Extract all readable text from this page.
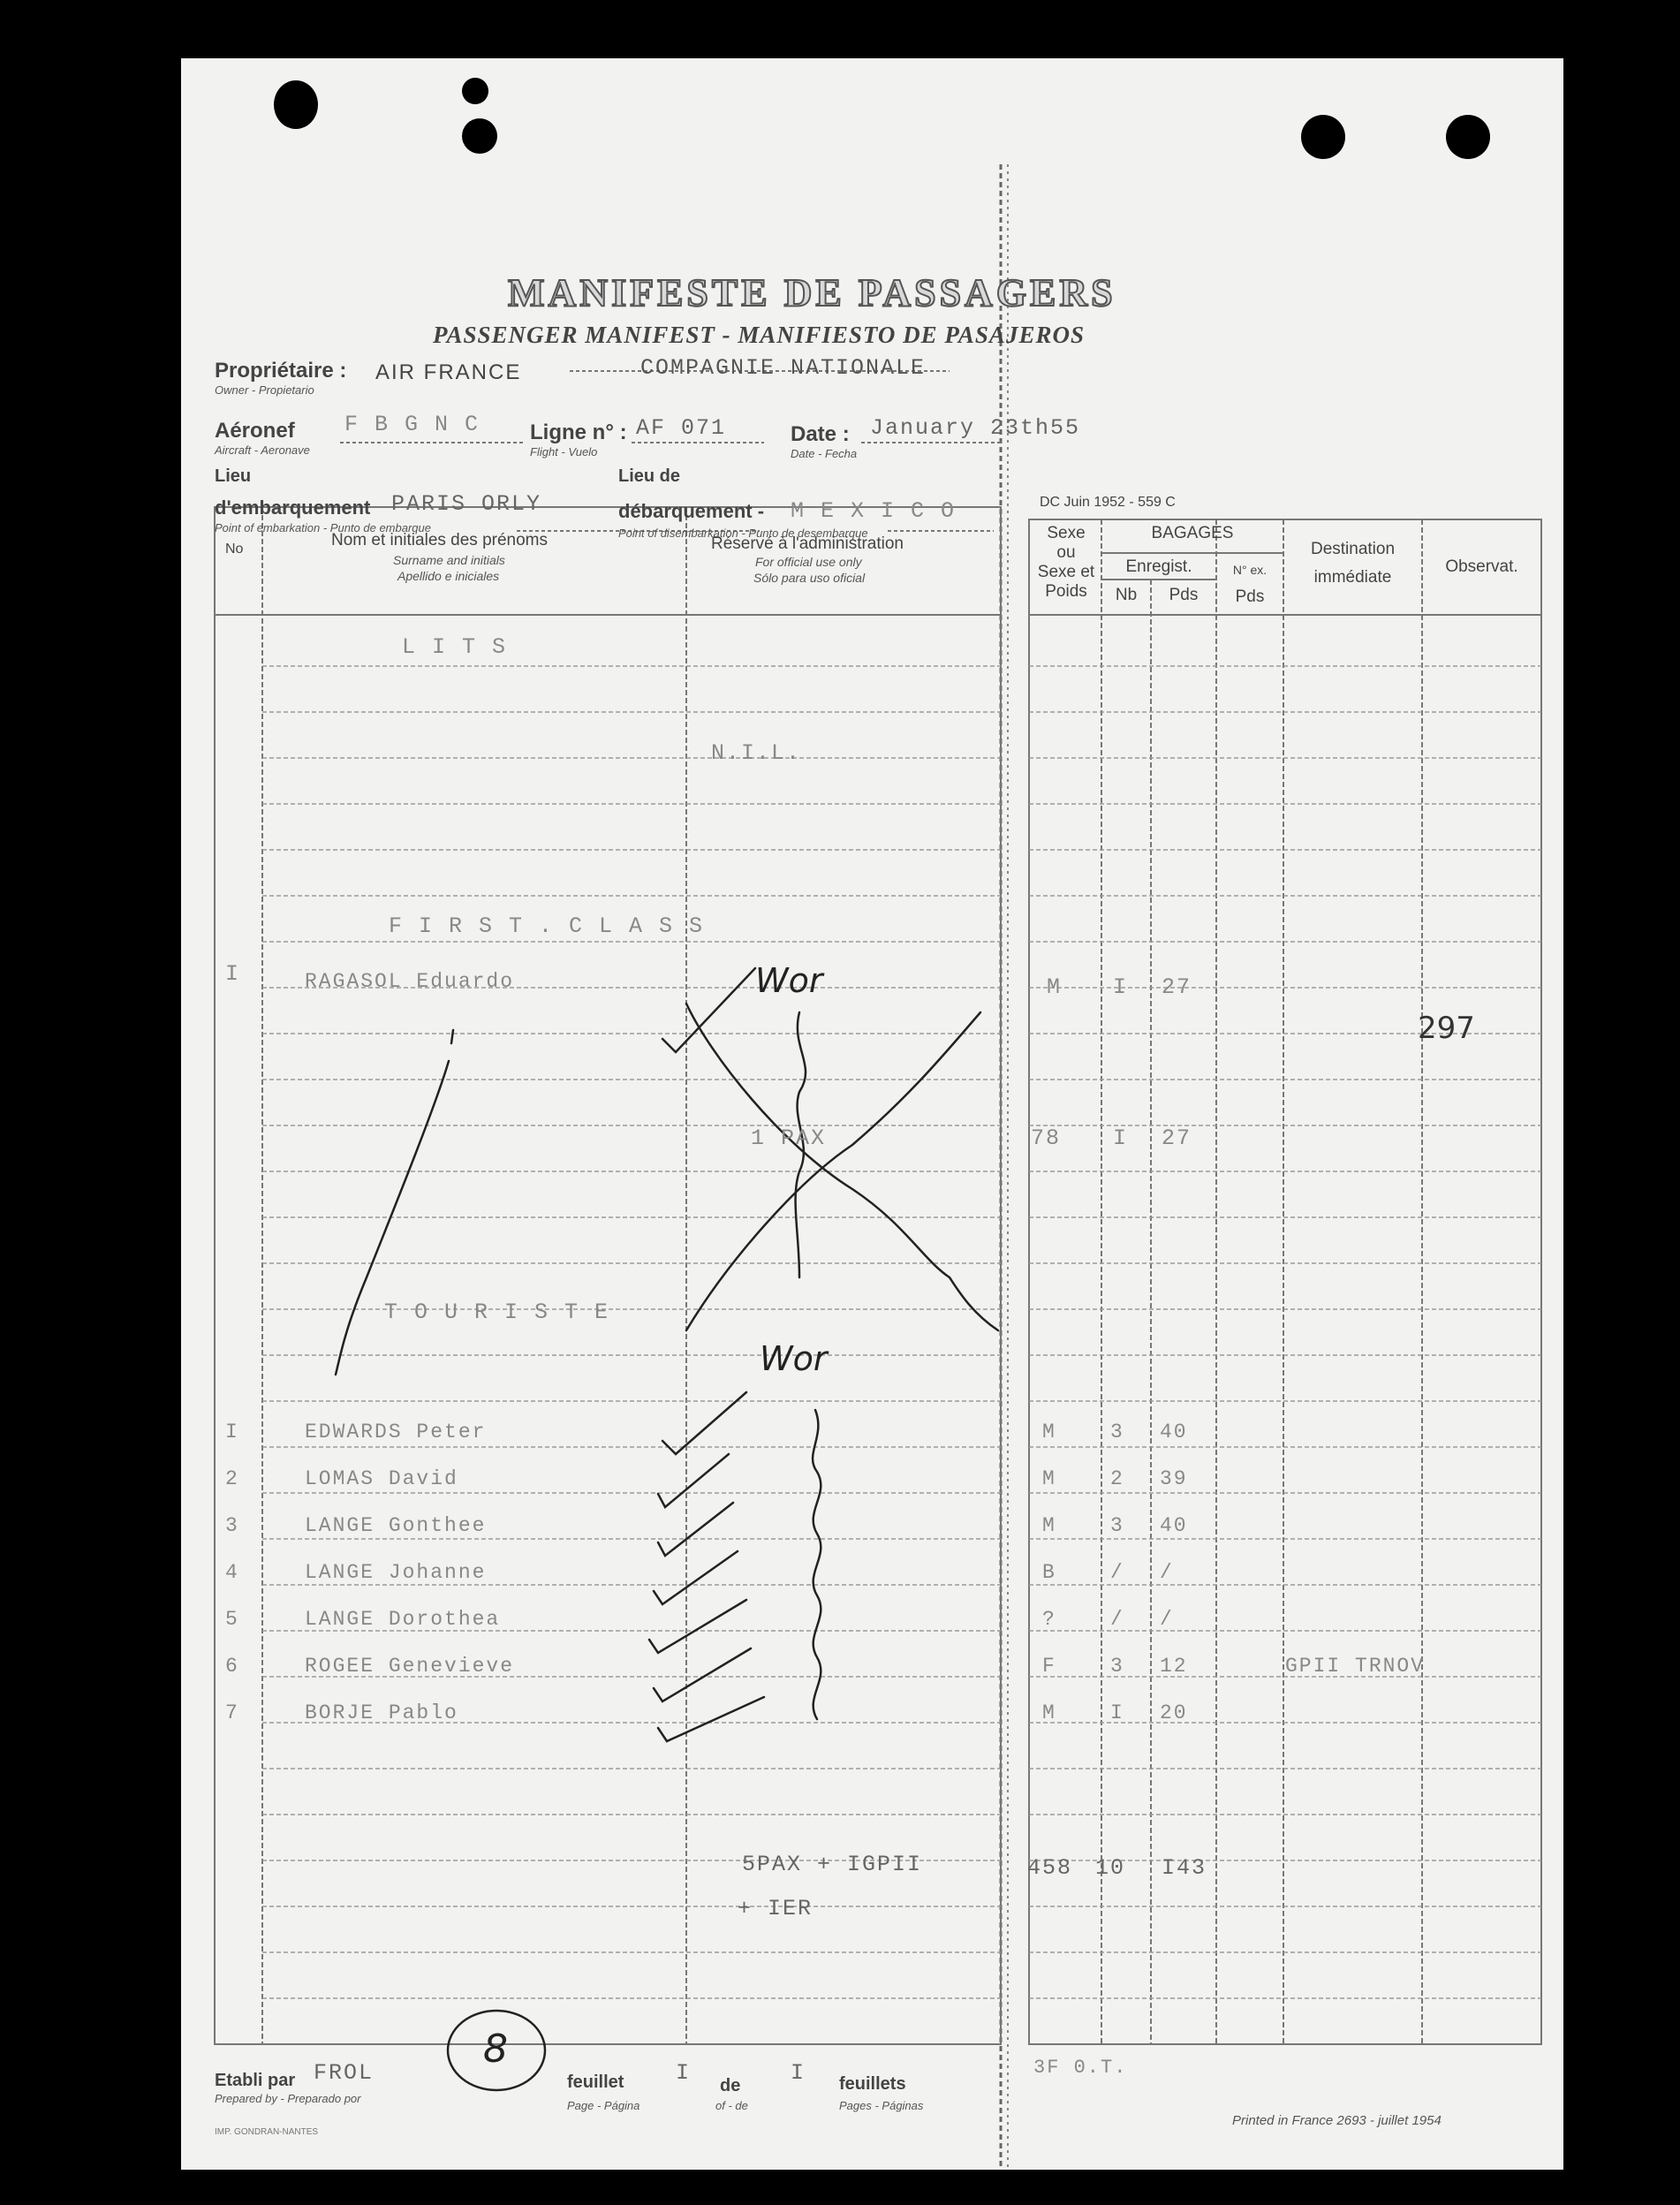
MANIFESTE DE PASSAGERS
PASSENGER MANIFEST - MANIFIESTO DE PASAJEROS
Propriétaire : AIR FRANCE
Owner - Propietario
COMPAGNIE NATIONALE
Aéronef F B G N C
Aircraft - Aeronave
Ligne n° : AF 071
Flight - Vuelo
Date : January 23th55
Date - Fecha
Lieu
d'embarquement PARIS ORLY
Point of embarkation - Punto de embarque
Lieu de
débarquement - M E X I C O
Point of disembarkation - Punto de desembarque
DC Juin 1952 - 559 C
No	Nom et initiales des prénoms
Surname and initials
Apellido e iniciales
Réservé à l'administration
For official use only
Sólo para uso oficial
Sexe
ou
Sexe et
Poids
BAGAGES
Enregist.
Nb	Pds
N° ex.
Pds
Destination
immédiate
Observat.
L I T S
N.I.L.
F I R S T . C L A S S
T O U R I S T E
I	RAGASOL Eduardo	M I 27
297
Wor
1 PAX	78 I 27
I	EDWARDS Peter	M	3 40
2	LOMAS David	M	2 39
3	LANGE Gonthee	M	3 40
4	LANGE Johanne	B	/ /
5	LANGE Dorothea	?	/ /
6	ROGEE Genevieve	F	3 12	GPII TRNOV
7	BORJE Pablo	M	I 20
Wor
5PAX + IGPII
+ IER
458 10 I43
8
Etabli par FROL
Prepared by - Preparado por
feuillet I de I feuillets
Page - Página	of - de	Pages - Páginas
3F 0.T.
Printed in France 2693 - juillet 1954
IMP. GONDRAN-NANTES
